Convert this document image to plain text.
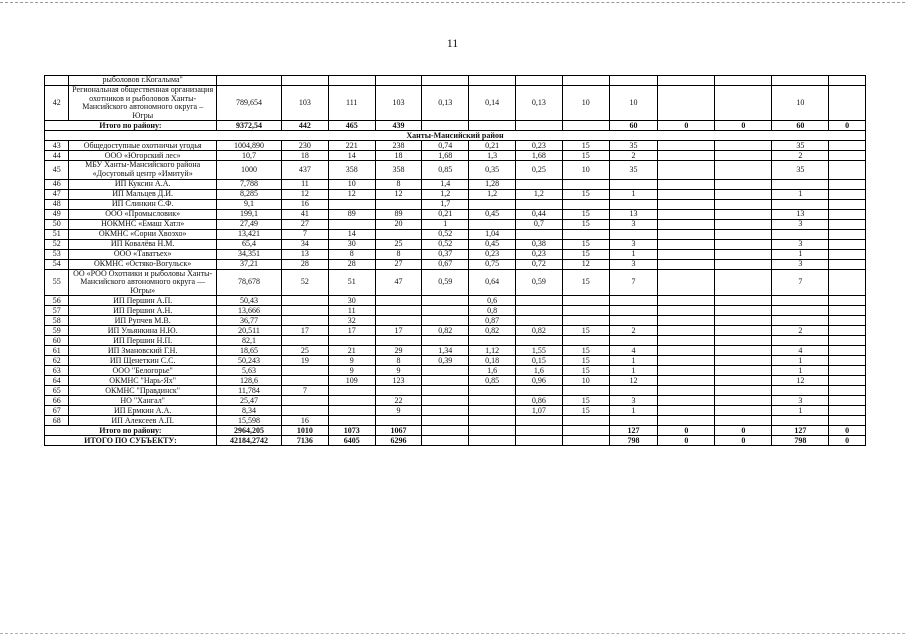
11
	рыболовов г.Когалыма"													
42	Региональная общественная организация охотников и рыболовов Ханты-Мансийского автономного округа – Югры	789,654	103	111	103	0,13	0,14	0,13	10	10			10	
Итого по району:		9372,54	442	465	439					60	0	0	60	0
Ханты-Мансийский район														
43	Общедоступные охотничьи угодья	1004,890	230	221	238	0,74	0,21	0,23	15	35			35	
44	ООО «Югорский лес»	10,7	18	14	18	1,68	1,3	1,68	15	2			2	
45	МБУ Ханты-Мансийского района «Досуговый центр «Имитуй»	1000	437	358	358	0,85	0,35	0,25	10	35			35	
46	ИП Куксин А.А.	7,788	11	10	8	1,4	1,28							
47	ИП Мальцев Д.И.	8,285	12	12	12	1,2	1,2	1,2	15	1			1	
48	ИП Слинкин С.Ф.	9,1	16			1,7								
49	ООО «Промысловик»	199,1	41	89	89	0,21	0,45	0,44	15	13			13	
50	НОКМНС «Емаш Хатл»	27,49	27		20	1		0,7	15	3			3	
51	ОКМНС «Сорни Хвоэхо»	13,421	7	14		0,52	1,04							
52	ИП Ковалёва Н.М.	65,4	34	30	25	0,52	0,45	0,38	15	3			3	
53	ООО «Таватъех»	34,351	13	8	8	0,37	0,23	0,23	15	1			1	
54	ОКМНС «Остяко-Вогульск»	37,21	28	28	27	0,67	0,75	0,72	12	3			3	
55	ОО «РОО Охотники и рыболовы Ханты-Мансийского автономного округа — Югры»	78,678	52	51	47	0,59	0,64	0,59	15	7			7	
56	ИП Першин А.П.	50,43		30			0,6							
57	ИП Першин А.Н.	13,666		11			0,8							
58	ИП Рупчев М.В.	36,77		32			0,87							
59	ИП Ульянкина Н.Ю.	20,511	17	17	17	0,82	0,82	0,82	15	2			2	
60	ИП Першин Н.П.	82,1												
61	ИП Змановский Г.Н.	18,65	25	21	29	1,34	1,12	1,55	15	4			4	
62	ИП Щенеткин С.С.	50,243	19	9	8	0,39	0,18	0,15	15	1			1	
63	ООО "Белогорье"	5,63		9	9		1,6	1,6	15	1			1	
64	ОКМНС "Нарь-Ях"	128,6		109	123		0,85	0,96	10	12			12	
65	ОКМНС "Правдинск"	11,784	7											
66	НО "Хангал"	25,47			22			0,86	15	3			3	
67	ИП Ермкин А.А.	8,34			9			1,07	15	1			1	
68	ИП Алексеев А.П.	15,598	16											
Итого по району:		2964,205	1010	1073	1067					127	0	0	127	0
ИТОГО ПО СУБЪЕКТУ:		42184,2742	7136	6405	6296					798	0	0	798	0
